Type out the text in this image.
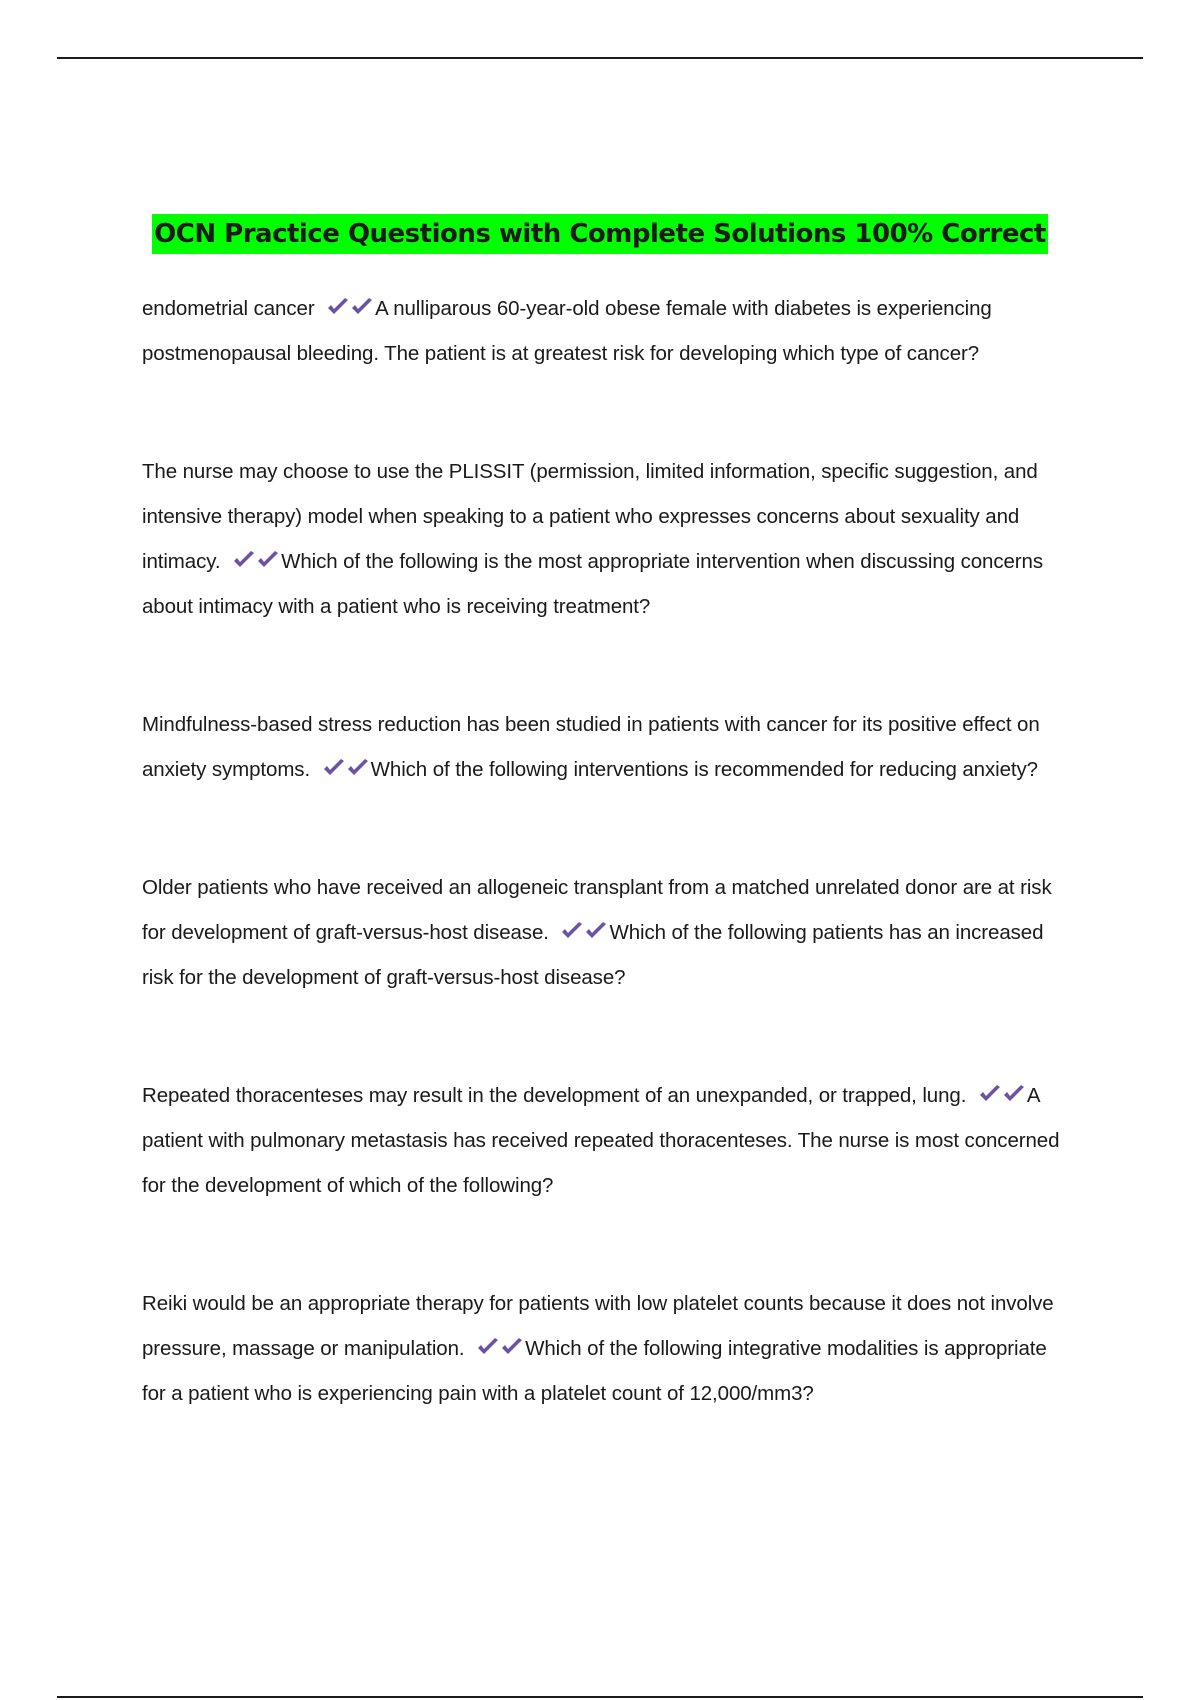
OCN Practice Questions with Complete Solutions 100% Correct

endometrial cancer	A nulliparous 60-year-old obese female with diabetes is experiencing postmenopausal bleeding. The patient is at greatest risk for developing which type of cancer?

The nurse may choose to use the PLISSIT (permission, limited information, specific suggestion, and intensive therapy) model when speaking to a patient who expresses concerns about sexuality and intimacy.	Which of the following is the most appropriate intervention when discussing concerns about intimacy with a patient who is receiving treatment?

Mindfulness-based stress reduction has been studied in patients with cancer for its positive effect on anxiety symptoms.	Which of the following interventions is recommended for reducing anxiety?

Older patients who have received an allogeneic transplant from a matched unrelated donor are at risk for development of graft-versus-host disease.	Which of the following patients has an increased risk for the development of graft-versus-host disease?

Repeated thoracenteses may result in the development of an unexpanded, or trapped, lung.	A patient with pulmonary metastasis has received repeated thoracenteses. The nurse is most concerned for the development of which of the following?

Reiki would be an appropriate therapy for patients with low platelet counts because it does not involve pressure, massage or manipulation.	Which of the following integrative modalities is appropriate for a patient who is experiencing pain with a platelet count of 12,000/mm3?
